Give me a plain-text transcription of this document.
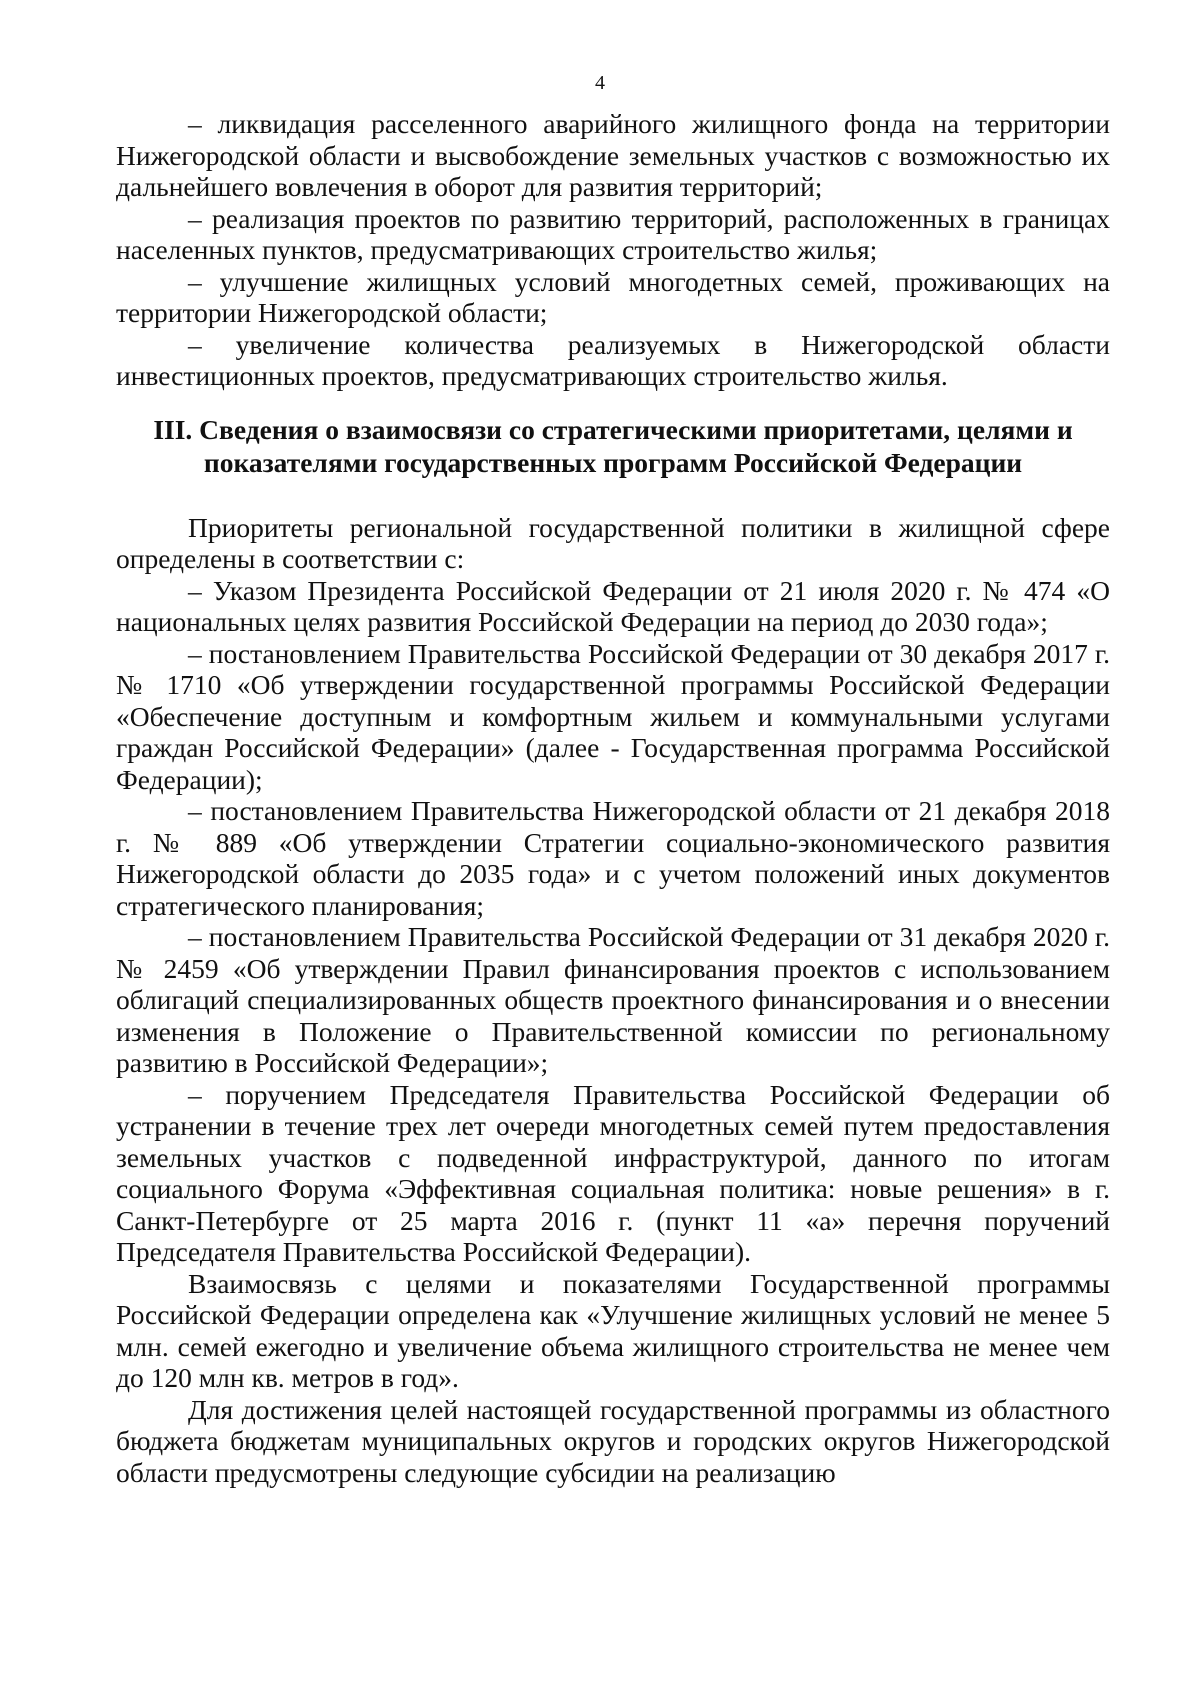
4

– ликвидация расселенного аварийного жилищного фонда на территории Нижегородской области и высвобождение земельных участков с возможностью их дальнейшего вовлечения в оборот для развития территорий;

– реализация проектов по развитию территорий, расположенных в границах населенных пунктов, предусматривающих строительство жилья;

– улучшение жилищных условий многодетных семей, проживающих на территории Нижегородской области;

– увеличение количества реализуемых в Нижегородской области инвестиционных проектов, предусматривающих строительство жилья.

III. Сведения о взаимосвязи со стратегическими приоритетами, целями и
показателями государственных программ Российской Федерации

Приоритеты региональной государственной политики в жилищной сфере определены в соответствии с:

– Указом Президента Российской Федерации от 21 июля 2020 г. № 474 «О национальных целях развития Российской Федерации на период до 2030 года»;

– постановлением Правительства Российской Федерации от 30 декабря 2017 г. № 1710 «Об утверждении государственной программы Российской Федерации «Обеспечение доступным и комфортным жильем и коммунальными услугами граждан Российской Федерации» (далее - Государственная программа Российской Федерации);

– постановлением Правительства Нижегородской области от 21 декабря 2018 г. № 889 «Об утверждении Стратегии социально-экономического развития Нижегородской области до 2035 года» и с учетом положений иных документов стратегического планирования;

– постановлением Правительства Российской Федерации от 31 декабря 2020 г. № 2459 «Об утверждении Правил финансирования проектов с использованием облигаций специализированных обществ проектного финансирования и о внесении изменения в Положение о Правительственной комиссии по региональному развитию в Российской Федерации»;

– поручением Председателя Правительства Российской Федерации об устранении в течение трех лет очереди многодетных семей путем предоставления земельных участков с подведенной инфраструктурой, данного по итогам социального Форума «Эффективная социальная политика: новые решения» в г. Санкт-Петербурге от 25 марта 2016 г. (пункт 11 «а» перечня поручений Председателя Правительства Российской Федерации).

Взаимосвязь с целями и показателями Государственной программы Российской Федерации определена как «Улучшение жилищных условий не менее 5 млн. семей ежегодно и увеличение объема жилищного строительства не менее чем до 120 млн кв. метров в год».

Для достижения целей настоящей государственной программы из областного бюджета бюджетам муниципальных округов и городских округов Нижегородской области предусмотрены следующие субсидии на реализацию
